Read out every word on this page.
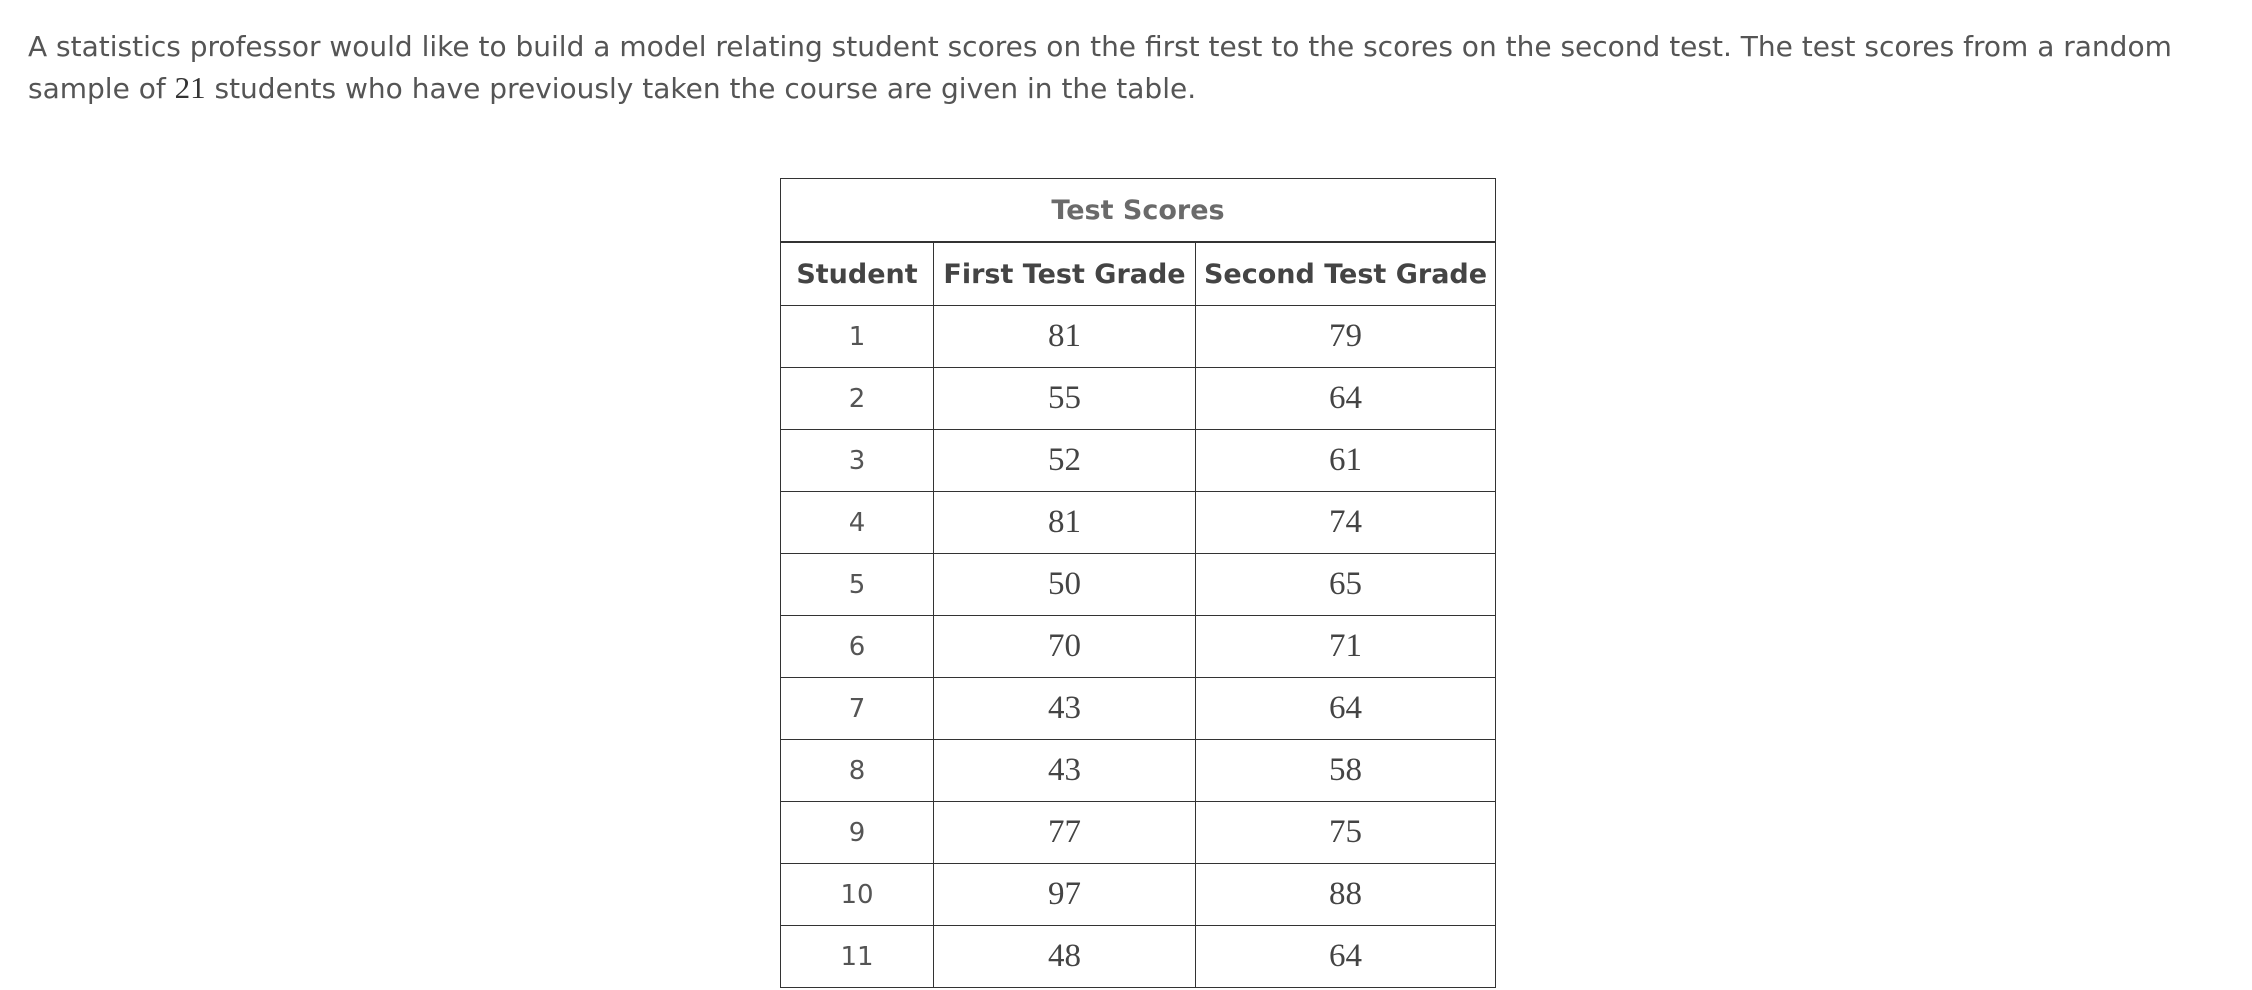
A statistics professor would like to build a model relating student scores on the first test to the scores on the second test. The test scores from a random sample of 21 students who have previously taken the course are given in the table.

Test Scores		
Student	First Test Grade	Second Test Grade
1	81	79
2	55	64
3	52	61
4	81	74
5	50	65
6	70	71
7	43	64
8	43	58
9	77	75
10	97	88
11	48	64
